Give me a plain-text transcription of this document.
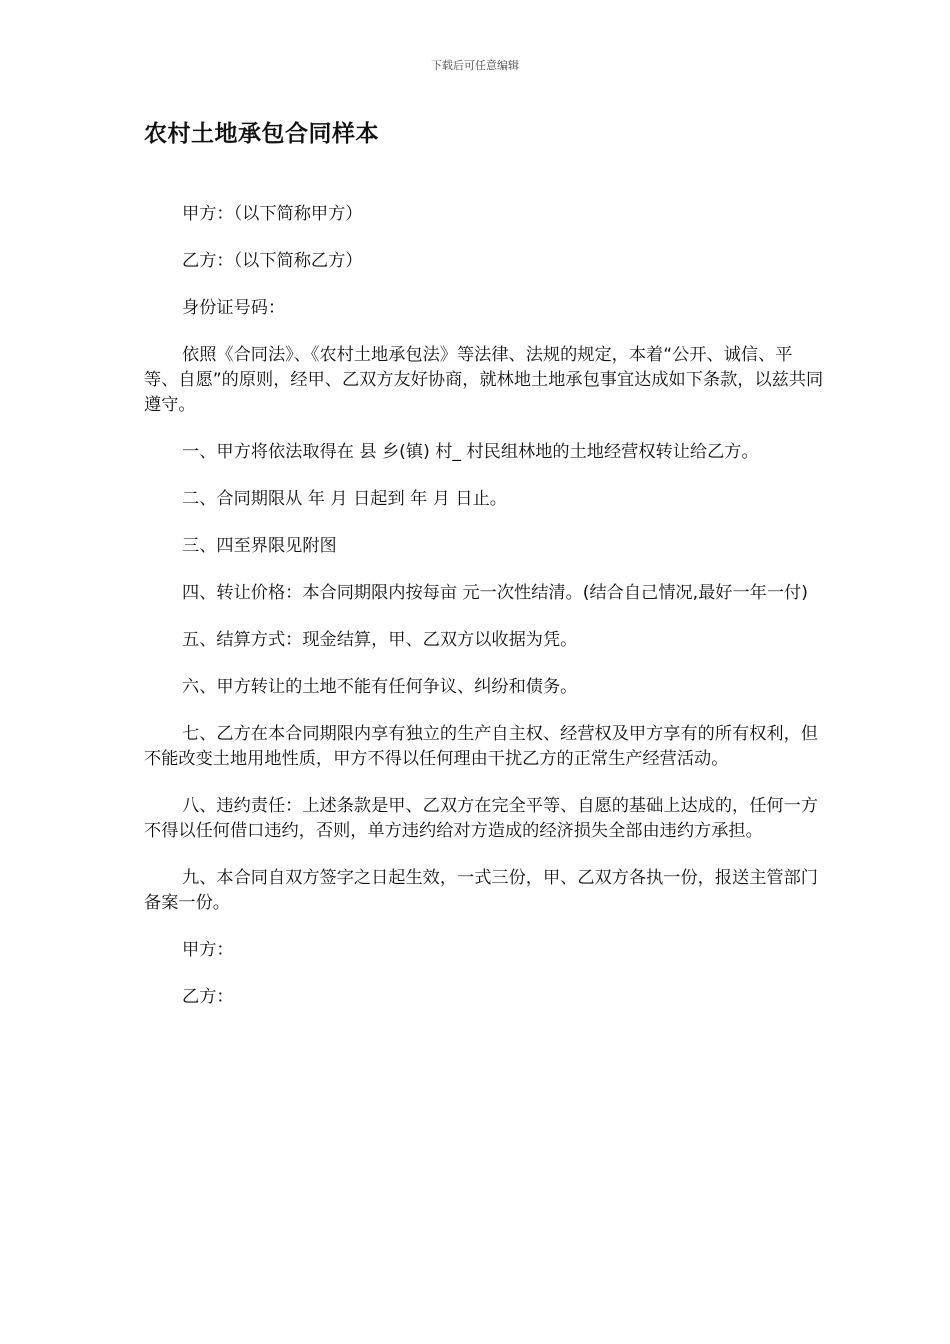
下载后可任意编辑
农村土地承包合同样本

甲方：（以下简称甲方）

乙方：（以下简称乙方）

身份证号码：

依照《合同法》、《农村土地承包法》等法律、法规的规定，本着“公开、诚信、平等、自愿”的原则，经甲、乙双方友好协商，就林地土地承包事宜达成如下条款，以兹共同遵守。

一、甲方将依法取得在 县 乡(镇) 村_ 村民组林地的土地经营权转让给乙方。

二、合同期限从 年 月 日起到 年 月 日止。

三、四至界限见附图

四、转让价格：本合同期限内按每亩 元一次性结清。(结合自己情况,最好一年一付)

五、结算方式：现金结算，甲、乙双方以收据为凭。

六、甲方转让的土地不能有任何争议、纠纷和债务。

七、乙方在本合同期限内享有独立的生产自主权、经营权及甲方享有的所有权利，但不能改变土地用地性质，甲方不得以任何理由干扰乙方的正常生产经营活动。

八、违约责任：上述条款是甲、乙双方在完全平等、自愿的基础上达成的，任何一方不得以任何借口违约，否则，单方违约给对方造成的经济损失全部由违约方承担。

九、本合同自双方签字之日起生效，一式三份，甲、乙双方各执一份，报送主管部门备案一份。

甲方：

乙方：
